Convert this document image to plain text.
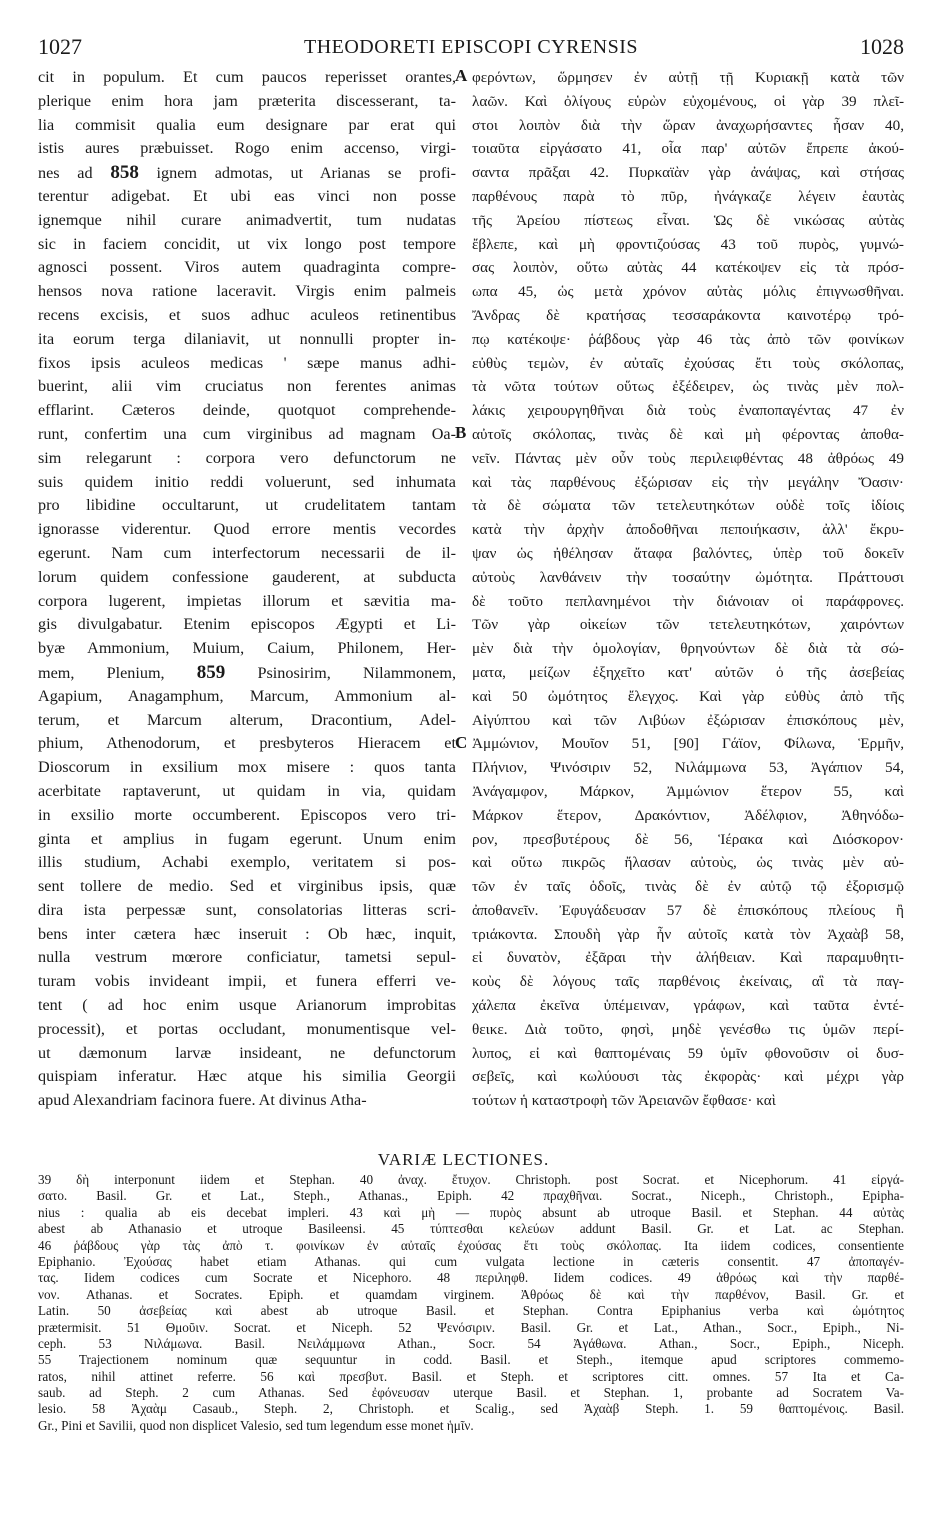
1027	THEODORETI EPISCOPI CYRENSIS	1028
cit in populum. Et cum paucos reperisset orantes,
plerique enim hora jam præterita discesserant, ta-
lia commisit qualia eum designare par erat qui
istis aures præbuisset. Rogo enim accenso, virgi-
nes ad 858 ignem admotas, ut Arianas se profi-
terentur adigebat. Et ubi eas vinci non posse
ignemque nihil curare animadvertit, tum nudatas
sic in faciem concidit, ut vix longo post tempore
agnosci possent. Viros autem quadraginta compre-
hensos nova ratione laceravit. Virgis enim palmeis
recens excisis, et suos adhuc aculeos retinentibus
ita eorum terga dilaniavit, ut nonnulli propter in-
fixos ipsis aculeos medicas ' sæpe manus adhi-
buerint, alii vim cruciatus non ferentes animas
efflarint. Cæteros deinde, quotquot comprehende-
runt, confertim una cum virginibus ad magnam Oa-
sim relegarunt : corpora vero defunctorum ne
suis quidem initio reddi voluerunt, sed inhumata
pro libidine occultarunt, ut crudelitatem tantam
ignorasse viderentur. Quod errore mentis vecordes
egerunt. Nam cum interfectorum necessarii de il-
lorum quidem confessione gauderent, at subducta
corpora lugerent, impietas illorum et sævitia ma-
gis divulgabatur. Etenim episcopos Ægypti et Li-
byæ Ammonium, Muium, Caium, Philonem, Her-
mem, Plenium, 859 Psinosirim, Nilammonem,
Agapium, Anagamphum, Marcum, Ammonium al-
terum, et Marcum alterum, Dracontium, Adel-
phium, Athenodorum, et presbyteros Hieracem et
Dioscorum in exsilium mox misere : quos tanta
acerbitate raptaverunt, ut quidam in via, quidam
in exsilio morte occumberent. Episcopos vero tri-
ginta et amplius in fugam egerunt. Unum enim
illis studium, Achabi exemplo, veritatem si pos-
sent tollere de medio. Sed et virginibus ipsis, quæ
dira ista perpessæ sunt, consolatorias litteras scri-
bens inter cætera hæc inseruit : Ob hæc, inquit,
nulla vestrum mœrore conficiatur, tametsi sepul-
turam vobis invideant impii, et funera efferri ve-
tent ( ad hoc enim usque Arianorum improbitas
processit), et portas occludant, monumentisque vel-
ut dæmonum larvæ insideant, ne defunctorum
quispiam inferatur. Hæc atque his similia Georgii
apud Alexandriam facinora fuere. At divinus Atha-
φερόντων, ὥρμησεν ἐν αὐτῇ τῇ Κυριακῇ κατὰ τῶν
λαῶν. Καὶ ὀλίγους εὑρὼν εὐχομένους, οἱ γὰρ 39 πλεῖ-
στοι λοιπὸν διὰ τὴν ὥραν ἀναχωρήσαντες ἦσαν 40,
τοιαῦτα εἰργάσατο 41, οἷα παρ' αὐτῶν ἔπρεπε ἀκού-
σαντα πρᾶξαι 42. Πυρκαϊὰν γὰρ ἀνάψας, καὶ στήσας
παρθένους παρὰ τὸ πῦρ, ἠνάγκαζε λέγειν ἑαυτὰς
τῆς Ἀρείου πίστεως εἶναι. Ὡς δὲ νικώσας αὐτὰς
ἔβλεπε, καὶ μὴ φροντιζούσας 43 τοῦ πυρὸς, γυμνώ-
σας λοιπὸν, οὕτω αὐτὰς 44 κατέκοψεν εἰς τὰ πρόσ-
ωπα 45, ὡς μετὰ χρόνον αὐτὰς μόλις ἐπιγνωσθῆναι.
Ἄνδρας δὲ κρατήσας τεσσαράκοντα καινοτέρῳ τρό-
πῳ κατέκοψε· ῥάβδους γὰρ 46 τὰς ἀπὸ τῶν φοινίκων
εὐθὺς τεμὼν, ἐν αὐταῖς ἐχούσας ἔτι τοὺς σκόλοπας,
τὰ νῶτα τούτων οὕτως ἐξέδειρεν, ὡς τινὰς μὲν πολ-
λάκις χειρουργηθῆναι διὰ τοὺς ἐναποπαγέντας 47 ἐν
αὐτοῖς σκόλοπας, τινὰς δὲ καὶ μὴ φέροντας ἀποθα-
νεῖν. Πάντας μὲν οὖν τοὺς περιλειφθέντας 48 ἀθρόως 49
καὶ τὰς παρθένους ἐξώρισαν εἰς τὴν μεγάλην Ὄασιν·
τὰ δὲ σώματα τῶν τετελευτηκότων οὐδὲ τοῖς ἰδίοις
κατὰ τὴν ἀρχὴν ἀποδοθῆναι πεποιήκασιν, ἀλλ' ἔκρυ-
ψαν ὡς ἠθέλησαν ἄταφα βαλόντες, ὑπὲρ τοῦ δοκεῖν
αὐτοὺς λανθάνειν τὴν τοσαύτην ὠμότητα. Πράττουσι
δὲ τοῦτο πεπλανημένοι τὴν διάνοιαν οἱ παράφρονες.
Τῶν γὰρ οἰκείων τῶν τετελευτηκότων, χαιρόντων
μὲν διὰ τὴν ὁμολογίαν, θρηνούντων δὲ διὰ τὰ σώ-
ματα, μείζων ἐξηχεῖτο κατ' αὐτῶν ὁ τῆς ἀσεβείας
καὶ 50 ὠμότητος ἔλεγχος. Καὶ γὰρ εὐθὺς ἀπὸ τῆς
Αἰγύπτου καὶ τῶν Λιβύων ἐξώρισαν ἐπισκόπους μὲν,
Ἀμμώνιον, Μουῖον 51, [90] Γάϊον, Φίλωνα, Ἑρμῆν,
Πλήνιον, Ψινόσιριν 52, Νιλάμμωνα 53, Ἀγάπιον 54,
Ἀνάγαμφον, Μάρκον, Ἀμμώνιον ἕτερον 55, καὶ
Μάρκον ἕτερον, Δρακόντιον, Ἀδέλφιον, Ἀθηνόδω-
ρον, πρεσβυτέρους δὲ 56, Ἱέρακα καὶ Διόσκορον·
καὶ οὕτω πικρῶς ἤλασαν αὐτοὺς, ὡς τινὰς μὲν αὐ-
τῶν ἐν ταῖς ὁδοῖς, τινὰς δὲ ἐν αὐτῷ τῷ ἐξορισμῷ
ἀποθανεῖν. Ἐφυγάδευσαν 57 δὲ ἐπισκόπους πλείους ἢ
τριάκοντα. Σπουδὴ γὰρ ἦν αὐτοῖς κατὰ τὸν Ἀχαὰβ 58,
εἰ δυνατὸν, ἐξᾶραι τὴν ἀλήθειαν. Καὶ παραμυθητι-
κοὺς δὲ λόγους ταῖς παρθένοις ἐκείναις, αἳ τὰ παγ-
χάλεπα ἐκεῖνα ὑπέμειναν, γράφων, καὶ ταῦτα ἐντέ-
θεικε. Διὰ τοῦτο, φησὶ, μηδὲ γενέσθω τις ὑμῶν περί-
λυπος, εἰ καὶ θαπτομέναις 59 ὑμῖν φθονοῦσιν οἱ δυσ-
σεβεῖς, καὶ κωλύουσι τὰς ἐκφορὰς· καὶ μέχρι γὰρ
τούτων ἡ καταστροφὴ τῶν Ἀρειανῶν ἔφθασε· καὶ
A
B
C
VARIÆ LECTIONES.
39 δὴ interponunt iidem et Stephan. 40 ἀναχ. ἔτυχον. Christoph. post Socrat. et Nicephorum. 41 εἰργά-
σατο. Basil. Gr. et Lat., Steph., Athanas., Epiph. 42 πραχθῆναι. Socrat., Niceph., Christoph., Epipha-
nius : qualia ab eis decebat impleri. 43 καὶ μὴ — πυρὸς absunt ab utroque Basil. et Stephan. 44 αὐτὰς
abest ab Athanasio et utroque Basileensi. 45 τύπτεσθαι κελεύων addunt Basil. Gr. et Lat. ac Stephan.
46 ῥάβδους γὰρ τὰς ἀπὸ τ. φοινίκων ἐν αὐταῖς ἐχούσας ἔτι τοὺς σκόλοπας. Ita iidem codices, consentiente
Epiphanio. Ἐχούσας habet etiam Athanas. qui cum vulgata lectione in cæteris consentit. 47 ἀποπαγέν-
τας. Iidem codices cum Socrate et Nicephoro. 48 περιληφθ. Iidem codices. 49 ἀθρόως καὶ τὴν παρθέ-
νον. Athanas. et Socrates. Epiph. et quamdam virginem. Ἀθρόως δὲ καὶ τὴν παρθένον, Basil. Gr. et
Latin. 50 ἀσεβείας καὶ abest ab utroque Basil. et Stephan. Contra Epiphanius verba καὶ ὠμότητος
prætermisit. 51 Θμοῦιν. Socrat. et Niceph. 52 Ψενόσιριν. Basil. Gr. et Lat., Athan., Socr., Epiph., Ni-
ceph. 53 Νιλάμωνα. Basil. Νειλάμμωνα Athan., Socr. 54 Ἀγάθωνα. Athan., Socr., Epiph., Niceph.
55 Trajectionem nominum quæ sequuntur in codd. Basil. et Steph., itemque apud scriptores commemo-
ratos, nihil attinet referre. 56 καὶ πρεσβυτ. Basil. et Steph. et scriptores citt. omnes. 57 Ita et Ca-
saub. ad Steph. 2 cum Athanas. Sed ἐφόνευσαν uterque Basil. et Stephan. 1, probante ad Socratem Va-
lesio. 58 Ἀχαὰμ Casaub., Steph. 2, Christoph. et Scalig., sed Ἀχαὰβ Steph. 1. 59 θαπτομένοις. Basil.
Gr., Pini et Savilii, quod non displicet Valesio, sed tum legendum esse monet ἡμῖν.
